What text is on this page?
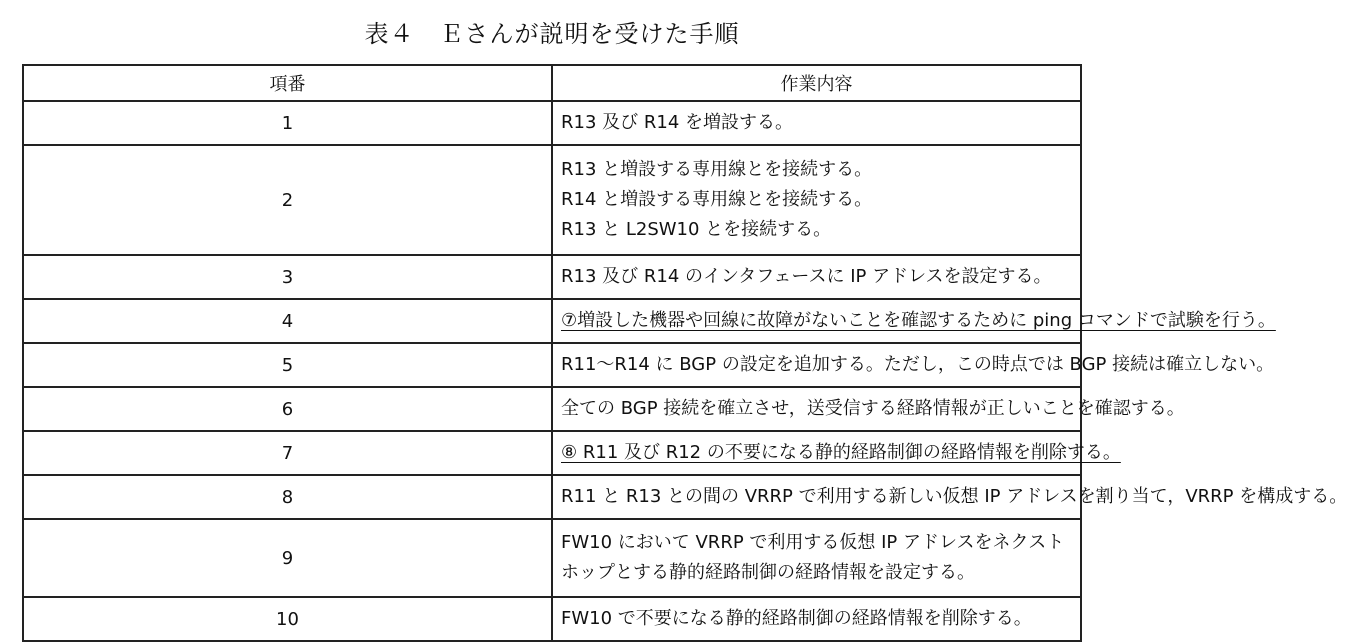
表４　Ｅさんが説明を受けた手順
項番	作業内容
1	R13 及び R14 を増設する。

2	R13 と増設する専用線とを接続する。
R14 と増設する専用線とを接続する。
R13 と L2SW10 とを接続する。

3	R13 及び R14 のインタフェースに IP アドレスを設定する。

4	⑦増設した機器や回線に故障がないことを確認するために ping コマンドで試験を行う。

5	R11〜R14 に BGP の設定を追加する。ただし，この時点では BGP 接続は確立しない。

6	全ての BGP 接続を確立させ，送受信する経路情報が正しいことを確認する。

7	⑧ R11 及び R12 の不要になる静的経路制御の経路情報を削除する。

8	R11 と R13 との間の VRRP で利用する新しい仮想 IP アドレスを割り当て，VRRP を構成する。

9	FW10 において VRRP で利用する仮想 IP アドレスをネクストホップとする静的経路制御の経路情報を設定する。

10	FW10 で不要になる静的経路制御の経路情報を削除する。
